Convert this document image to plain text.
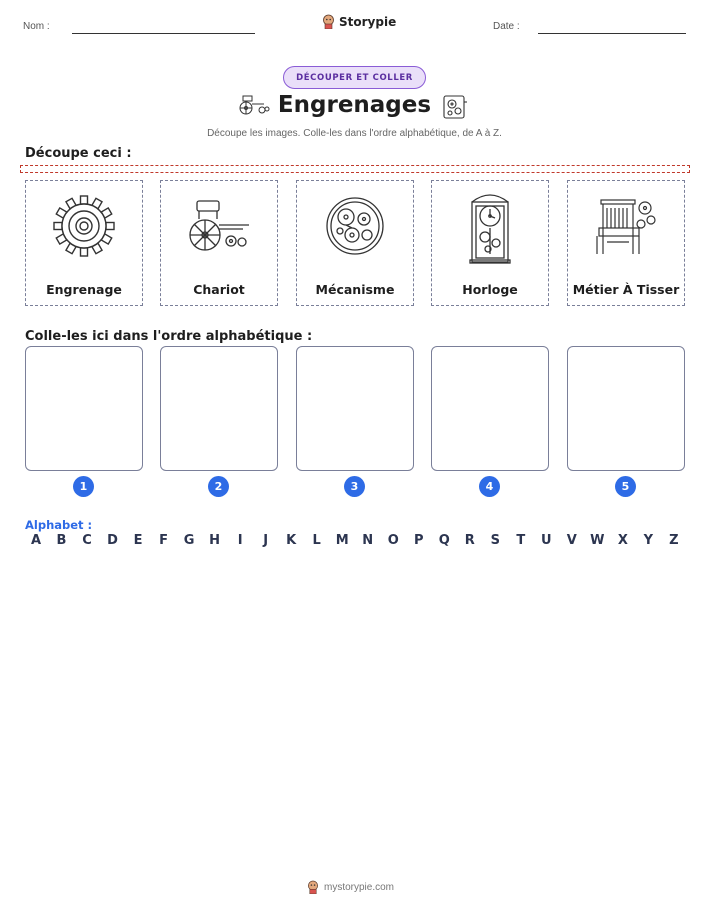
Nom :	Storypie	Date :
DÉCOUPER ET COLLER
Engrenages
Découpe les images. Colle-les dans l'ordre alphabétique, de A à Z.
Découpe ceci :
Engrenage	Chariot	Mécanisme	Horloge	Métier À Tisser
Colle-les ici dans l'ordre alphabétique :
1	2	3	4	5
Alphabet :
A	B	C	D	E	F	G	H	I	J	K	L	M	N	O	P	Q	R	S	T	U	V	W	X	Y	Z
mystorypie.com
